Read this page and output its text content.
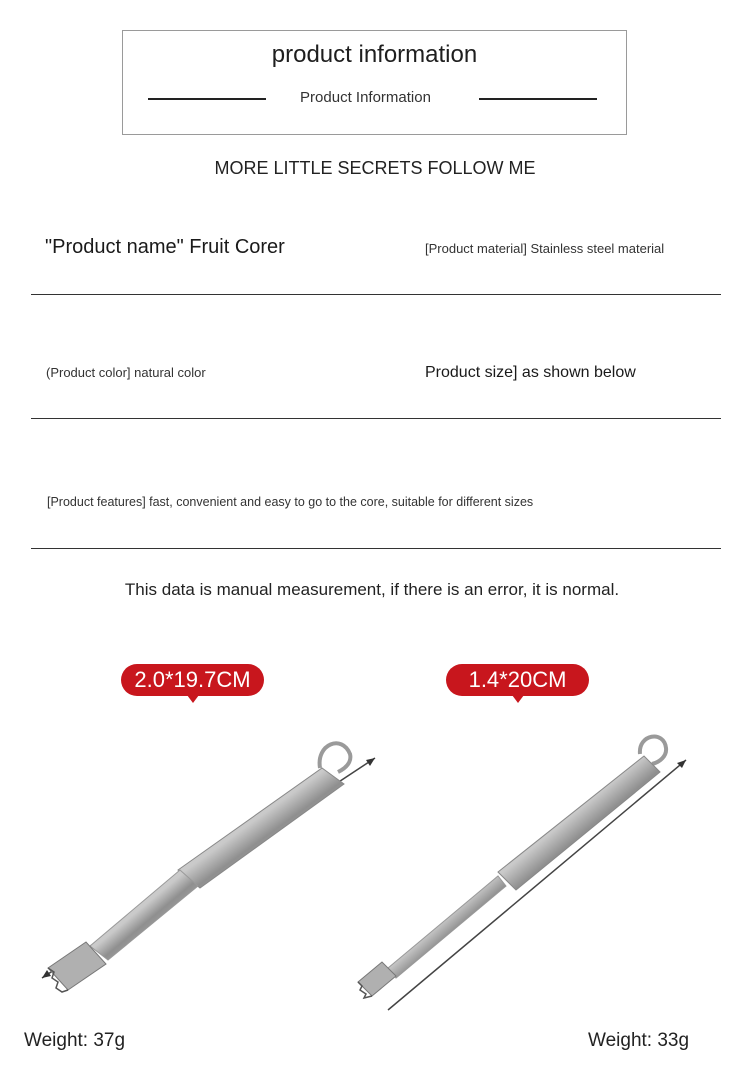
product information
Product Information
MORE LITTLE SECRETS FOLLOW ME
"Product name" Fruit Corer	[Product material] Stainless steel material
(Product color] natural color	Product size] as shown below
[Product features] fast, convenient and easy to go to the core, suitable for different sizes
This data is manual measurement, if there is an error, it is normal.
2.0*19.7CM	1.4*20CM
Weight: 37g	Weight: 33g
